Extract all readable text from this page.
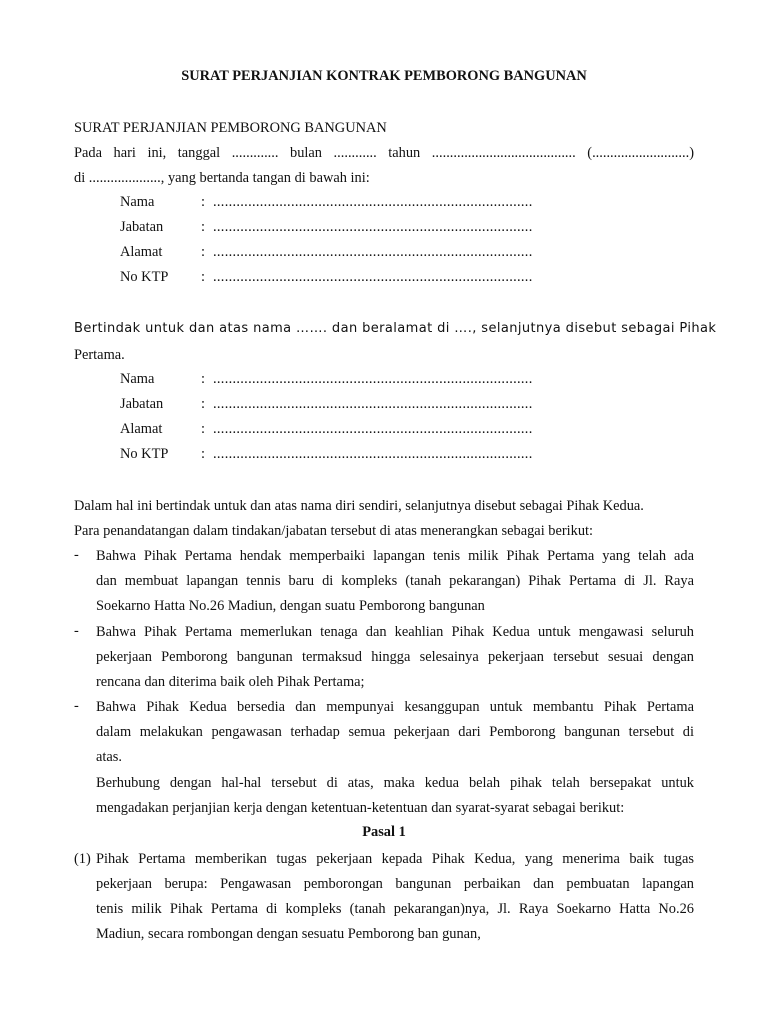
SURAT PERJANJIAN KONTRAK PEMBORONG BANGUNAN
SURAT PERJANJIAN PEMBORONG BANGUNAN
Pada hari ini, tanggal ............. bulan ............ tahun ........................................ (...........................)
di ...................., yang bertanda tangan di bawah ini:
Nama	: ..................................................................................
Jabatan	: ..................................................................................
Alamat	: ..................................................................................
No KTP	: ..................................................................................
Bertindak untuk dan atas nama ……. dan beralamat di …., selanjutnya disebut sebagai Pihak
Pertama.
Nama	: ..................................................................................
Jabatan	: ..................................................................................
Alamat	: ..................................................................................
No KTP	: ..................................................................................
Dalam hal ini bertindak untuk dan atas nama diri sendiri, selanjutnya disebut sebagai Pihak Kedua.
Para penandatangan dalam tindakan/jabatan tersebut di atas menerangkan sebagai berikut:
- Bahwa Pihak Pertama hendak memperbaiki lapangan tenis milik Pihak Pertama yang telah ada
dan membuat lapangan tennis baru di kompleks (tanah pekarangan) Pihak Pertama di Jl. Raya
Soekarno Hatta No.26 Madiun, dengan suatu Pemborong bangunan
- Bahwa Pihak Pertama memerlukan tenaga dan keahlian Pihak Kedua untuk mengawasi seluruh
pekerjaan Pemborong bangunan termaksud hingga selesainya pekerjaan tersebut sesuai dengan
rencana dan diterima baik oleh Pihak Pertama;
- Bahwa Pihak Kedua bersedia dan mempunyai kesanggupan untuk membantu Pihak Pertama
dalam melakukan pengawasan terhadap semua pekerjaan dari Pemborong bangunan tersebut di
atas.
Berhubung dengan hal-hal tersebut di atas, maka kedua belah pihak telah bersepakat untuk
mengadakan perjanjian kerja dengan ketentuan-ketentuan dan syarat-syarat sebagai berikut:
Pasal 1
(1) Pihak Pertama memberikan tugas pekerjaan kepada Pihak Kedua, yang menerima baik tugas
pekerjaan berupa: Pengawasan pemborongan bangunan perbaikan dan pembuatan lapangan
tenis milik Pihak Pertama di kompleks (tanah pekarangan)nya, Jl. Raya Soekarno Hatta No.26
Madiun, secara rombongan dengan sesuatu Pemborong ban gunan,
